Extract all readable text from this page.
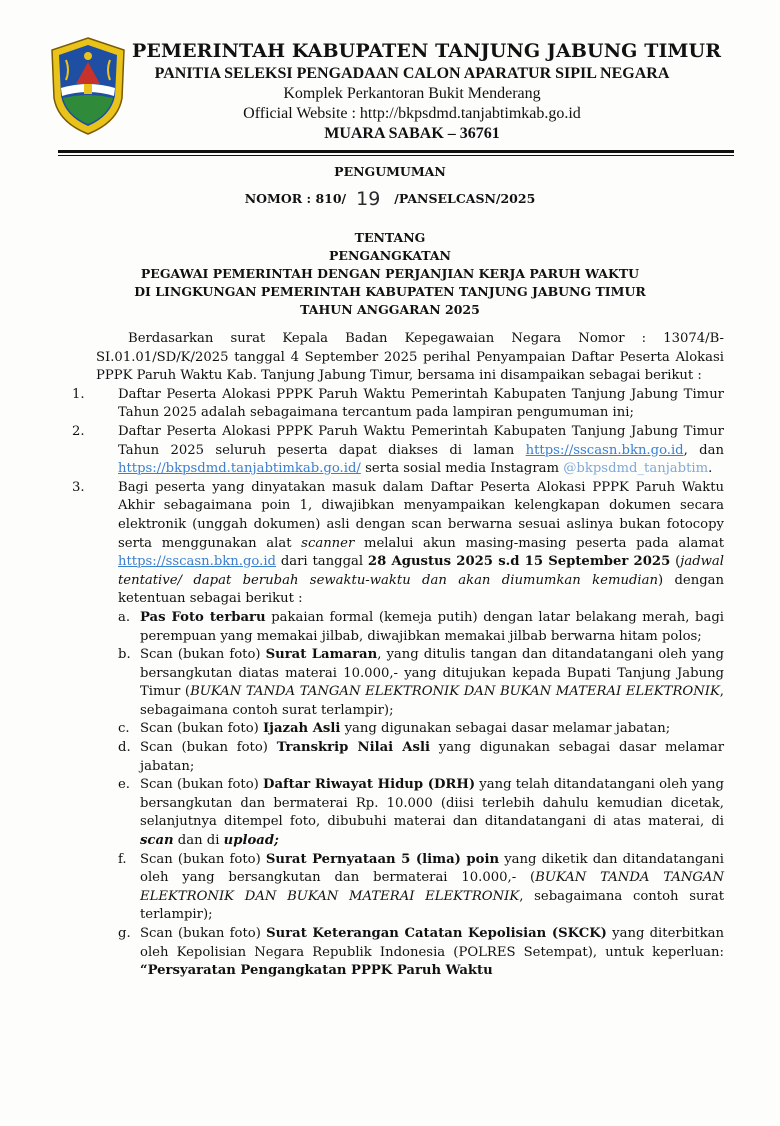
PEMERINTAH KABUPATEN TANJUNG JABUNG TIMUR
PANITIA SELEKSI PENGADAAN CALON APARATUR SIPIL NEGARA
Komplek Perkantoran Bukit Menderang
Official Website : http://bkpsdmd.tanjabtimkab.go.id
MUARA SABAK – 36761
PENGUMUMAN
NOMOR : 810/ 19 /PANSELCASN/2025
TENTANG
PENGANGKATAN
PEGAWAI PEMERINTAH DENGAN PERJANJIAN KERJA PARUH WAKTU
DI LINGKUNGAN PEMERINTAH KABUPATEN TANJUNG JABUNG TIMUR
TAHUN ANGGARAN 2025

Berdasarkan surat Kepala Badan Kepegawaian Negara Nomor : 13074/B-SI.01.01/SD/K/2025 tanggal 4 September 2025 perihal Penyampaian Daftar Peserta Alokasi PPPK Paruh Waktu Kab. Tanjung Jabung Timur, bersama ini disampaikan sebagai berikut :

1.	Daftar Peserta Alokasi PPPK Paruh Waktu Pemerintah Kabupaten Tanjung Jabung Timur Tahun 2025 adalah sebagaimana tercantum pada lampiran pengumuman ini;

2.	Daftar Peserta Alokasi PPPK Paruh Waktu Pemerintah Kabupaten Tanjung Jabung Timur Tahun 2025 seluruh peserta dapat diakses di laman https://sscasn.bkn.go.id, dan https://bkpsdmd.tanjabtimkab.go.id/ serta sosial media Instagram @bkpsdmd_tanjabtim.

3.	Bagi peserta yang dinyatakan masuk dalam Daftar Peserta Alokasi PPPK Paruh Waktu Akhir sebagaimana poin 1, diwajibkan menyampaikan kelengkapan dokumen secara elektronik (unggah dokumen) asli dengan scan berwarna sesuai aslinya bukan fotocopy serta menggunakan alat scanner melalui akun masing-masing peserta pada alamat https://sscasn.bkn.go.id dari tanggal 28 Agustus 2025 s.d 15 September 2025 (jadwal tentative/ dapat berubah sewaktu-waktu dan akan diumumkan kemudian) dengan ketentuan sebagai berikut :

a. Pas Foto terbaru pakaian formal (kemeja putih) dengan latar belakang merah, bagi perempuan yang memakai jilbab, diwajibkan memakai jilbab berwarna hitam polos;

b. Scan (bukan foto) Surat Lamaran, yang ditulis tangan dan ditandatangani oleh yang bersangkutan diatas materai 10.000,- yang ditujukan kepada Bupati Tanjung Jabung Timur (BUKAN TANDA TANGAN ELEKTRONIK DAN BUKAN MATERAI ELEKTRONIK, sebagaimana contoh surat terlampir);

c. Scan (bukan foto) Ijazah Asli yang digunakan sebagai dasar melamar jabatan;

d. Scan (bukan foto) Transkrip Nilai Asli yang digunakan sebagai dasar melamar jabatan;

e. Scan (bukan foto) Daftar Riwayat Hidup (DRH) yang telah ditandatangani oleh yang bersangkutan dan bermaterai Rp. 10.000 (diisi terlebih dahulu kemudian dicetak, selanjutnya ditempel foto, dibubuhi materai dan ditandatangani di atas materai, di scan dan di upload;

f. Scan (bukan foto) Surat Pernyataan 5 (lima) poin yang diketik dan ditandatangani oleh yang bersangkutan dan bermaterai 10.000,- (BUKAN TANDA TANGAN ELEKTRONIK DAN BUKAN MATERAI ELEKTRONIK, sebagaimana contoh surat terlampir);

g. Scan (bukan foto) Surat Keterangan Catatan Kepolisian (SKCK) yang diterbitkan oleh Kepolisian Negara Republik Indonesia (POLRES Setempat), untuk keperluan: “Persyaratan Pengangkatan PPPK Paruh Waktu
